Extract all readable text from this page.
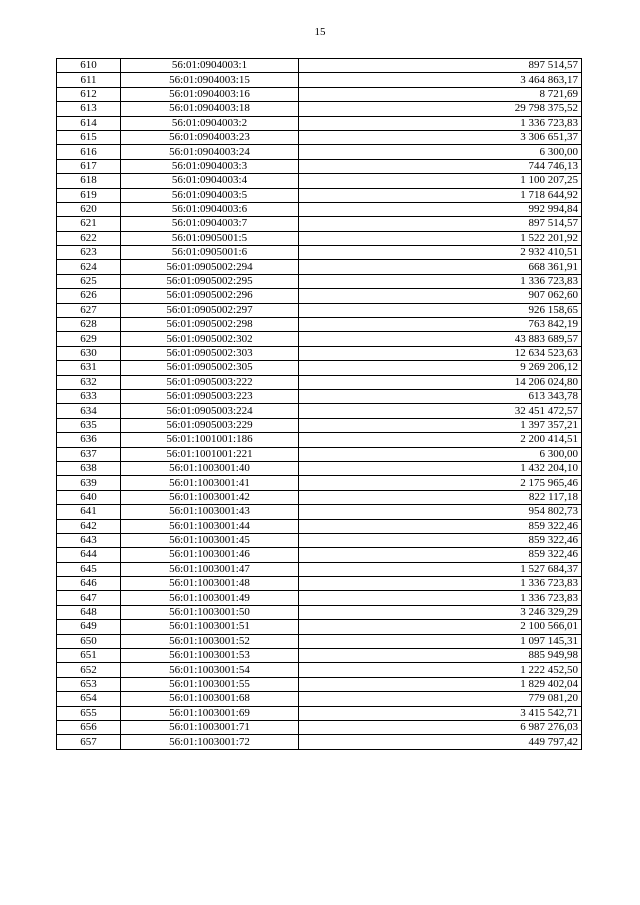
15
610	56:01:0904003:1	897 514,57
611	56:01:0904003:15	3 464 863,17
612	56:01:0904003:16	8 721,69
613	56:01:0904003:18	29 798 375,52
614	56:01:0904003:2	1 336 723,83
615	56:01:0904003:23	3 306 651,37
616	56:01:0904003:24	6 300,00
617	56:01:0904003:3	744 746,13
618	56:01:0904003:4	1 100 207,25
619	56:01:0904003:5	1 718 644,92
620	56:01:0904003:6	992 994,84
621	56:01:0904003:7	897 514,57
622	56:01:0905001:5	1 522 201,92
623	56:01:0905001:6	2 932 410,51
624	56:01:0905002:294	668 361,91
625	56:01:0905002:295	1 336 723,83
626	56:01:0905002:296	907 062,60
627	56:01:0905002:297	926 158,65
628	56:01:0905002:298	763 842,19
629	56:01:0905002:302	43 883 689,57
630	56:01:0905002:303	12 634 523,63
631	56:01:0905002:305	9 269 206,12
632	56:01:0905003:222	14 206 024,80
633	56:01:0905003:223	613 343,78
634	56:01:0905003:224	32 451 472,57
635	56:01:0905003:229	1 397 357,21
636	56:01:1001001:186	2 200 414,51
637	56:01:1001001:221	6 300,00
638	56:01:1003001:40	1 432 204,10
639	56:01:1003001:41	2 175 965,46
640	56:01:1003001:42	822 117,18
641	56:01:1003001:43	954 802,73
642	56:01:1003001:44	859 322,46
643	56:01:1003001:45	859 322,46
644	56:01:1003001:46	859 322,46
645	56:01:1003001:47	1 527 684,37
646	56:01:1003001:48	1 336 723,83
647	56:01:1003001:49	1 336 723,83
648	56:01:1003001:50	3 246 329,29
649	56:01:1003001:51	2 100 566,01
650	56:01:1003001:52	1 097 145,31
651	56:01:1003001:53	885 949,98
652	56:01:1003001:54	1 222 452,50
653	56:01:1003001:55	1 829 402,04
654	56:01:1003001:68	779 081,20
655	56:01:1003001:69	3 415 542,71
656	56:01:1003001:71	6 987 276,03
657	56:01:1003001:72	449 797,42
